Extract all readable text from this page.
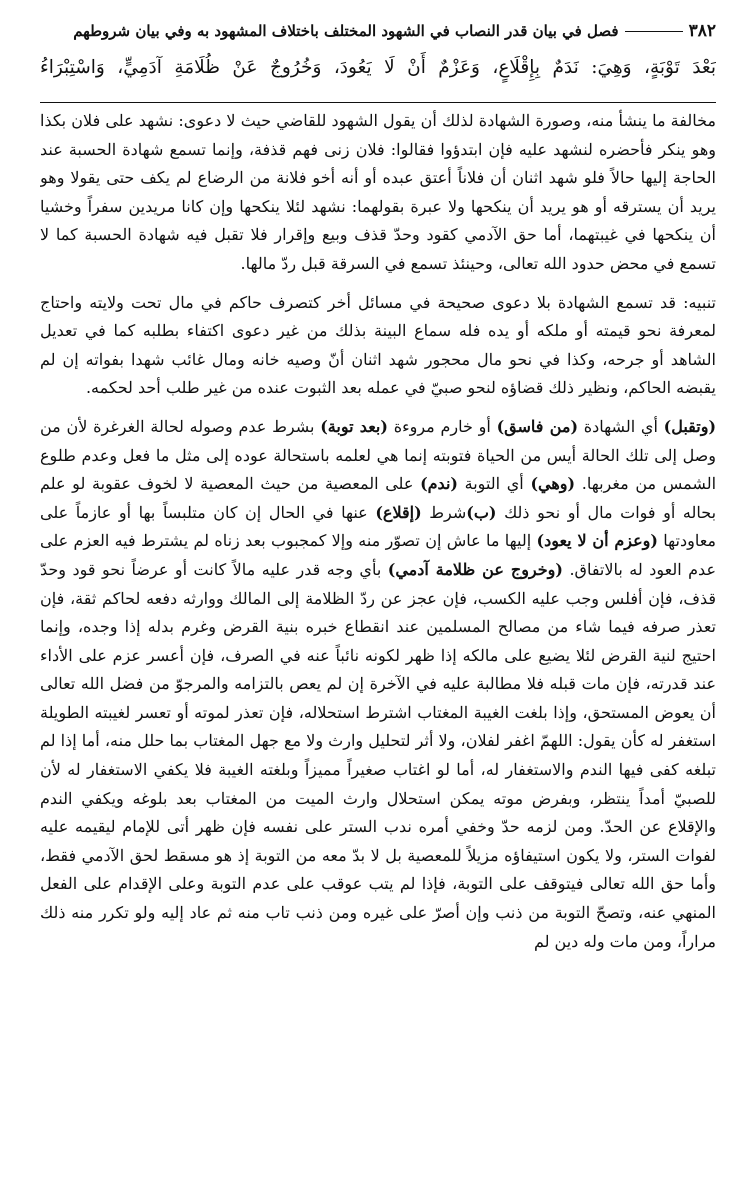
٣٨٢
فصل في بيان قدر النصاب في الشهود المختلف باختلاف المشهود به وفي بيان شروطهم
بَعْدَ تَوْبَةٍ، وَهِيَ: نَدَمٌ بِإِقْلَاعٍ، وَعَزْمٌ أَنْ لَا يَعُودَ، وَخُرُوجٌ عَنْ ظُلَامَةِ آدَمِيٍّ، وَاسْتِبْرَاءُ

مخالفة ما ينشأ منه، وصورة الشهادة لذلك أن يقول الشهود للقاضي حيث لا دعوى: نشهد على فلان بكذا وهو ينكر فأحضره لنشهد عليه فإن ابتدؤوا فقالوا: فلان زنى فهم قذفة، وإنما تسمع شهادة الحسبة عند الحاجة إليها حالاً فلو شهد اثنان أن فلاناً أعتق عبده أو أنه أخو فلانة من الرضاع لم يكف حتى يقولا وهو يريد أن يسترقه أو هو يريد أن ينكحها ولا عبرة بقولهما: نشهد لئلا ينكحها وإن كانا مريدين سفراً وخشيا أن ينكحها في غيبتهما، أما حق الآدمي كقود وحدّ قذف وبيع وإقرار فلا تقبل فيه شهادة الحسبة كما لا تسمع في محض حدود الله تعالى، وحينئذ تسمع في السرقة قبل ردّ مالها.

تنبيه: قد تسمع الشهادة بلا دعوى صحيحة في مسائل أخر كتصرف حاكم في مال تحت ولايته واحتاج لمعرفة نحو قيمته أو ملكه أو يده فله سماع البينة بذلك من غير دعوى اكتفاء بطلبه كما في تعديل الشاهد أو جرحه، وكذا في نحو مال محجور شهد اثنان أنّ وصيه خانه ومال غائب شهدا بفواته إن لم يقبضه الحاكم، ونظير ذلك قضاؤه لنحو صبيّ في عمله بعد الثبوت عنده من غير طلب أحد لحكمه.

(وتقبل) أي الشهادة (من فاسق) أو خارم مروءة (بعد توبة) بشرط عدم وصوله لحالة الغرغرة لأن من وصل إلى تلك الحالة أيس من الحياة فتوبته إنما هي لعلمه باستحالة عوده إلى مثل ما فعل وعدم طلوع الشمس من مغربها. (وهي) أي التوبة (ندم) على المعصية من حيث المعصية لا لخوف عقوبة لو علم بحاله أو فوات مال أو نحو ذلك (ب)شرط (إقلاع) عنها في الحال إن كان متلبساً بها أو عازماً على معاودتها (وعزم أن لا يعود) إليها ما عاش إن تصوّر منه وإلا كمجبوب بعد زناه لم يشترط فيه العزم على عدم العود له بالاتفاق. (وخروج عن ظلامة آدمي) بأي وجه قدر عليه مالاً كانت أو عرضاً نحو قود وحدّ قذف، فإن أفلس وجب عليه الكسب، فإن عجز عن ردّ الظلامة إلى المالك ووارثه دفعه لحاكم ثقة، فإن تعذر صرفه فيما شاء من مصالح المسلمين عند انقطاع خبره بنية القرض وغرم بدله إذا وجده، وإنما احتيج لنية القرض لئلا يضيع على مالكه إذا ظهر لكونه نائباً عنه في الصرف، فإن أعسر عزم على الأداء عند قدرته، فإن مات قبله فلا مطالبة عليه في الآخرة إن لم يعص بالتزامه والمرجوّ من فضل الله تعالى أن يعوض المستحق، وإذا بلغت الغيبة المغتاب اشترط استحلاله، فإن تعذر لموته أو تعسر لغيبته الطويلة استغفر له كأن يقول: اللهمّ اغفر لفلان، ولا أثر لتحليل وارث ولا مع جهل المغتاب بما حلل منه، أما إذا لم تبلغه كفى فيها الندم والاستغفار له، أما لو اغتاب صغيراً مميزاً وبلغته الغيبة فلا يكفي الاستغفار له لأن للصبيّ أمداً ينتظر، وبفرض موته يمكن استحلال وارث الميت من المغتاب بعد بلوغه ويكفي الندم والإقلاع عن الحدّ. ومن لزمه حدّ وخفي أمره ندب الستر على نفسه فإن ظهر أتى للإمام ليقيمه عليه لفوات الستر، ولا يكون استيفاؤه مزيلاً للمعصية بل لا بدّ معه من التوبة إذ هو مسقط لحق الآدمي فقط، وأما حق الله تعالى فيتوقف على التوبة، فإذا لم يتب عوقب على عدم التوبة وعلى الإقدام على الفعل المنهي عنه، وتصحّ التوبة من ذنب وإن أصرّ على غيره ومن ذنب تاب منه ثم عاد إليه ولو تكرر منه ذلك مراراً، ومن مات وله دين لم
